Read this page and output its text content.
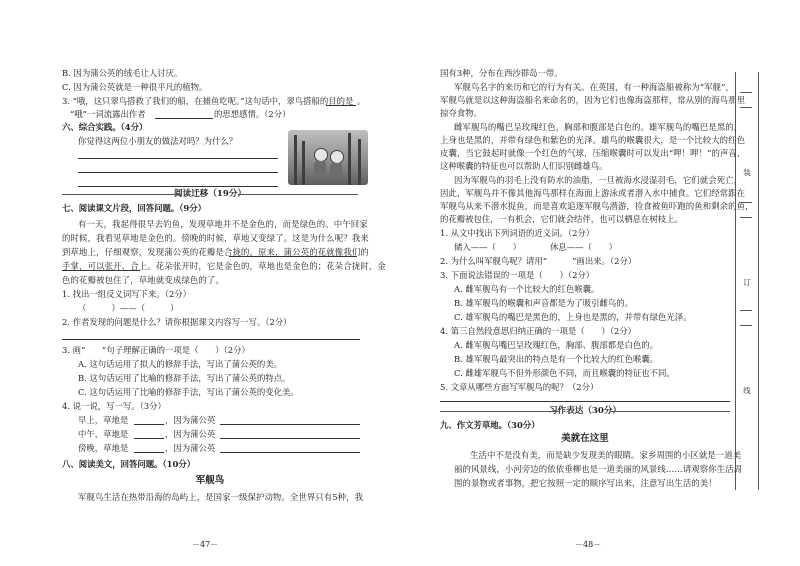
B. 因为蒲公英的绒毛让人讨厌。

C. 因为蒲公英就是一种很平凡的植物。

3. “哦，这只翠鸟搭救了我们的船，在捕鱼吃呢。”这句话中，翠鸟搭船的目的是 。

“哦”一词流露出作者	的思想感情。（2分）

六、综合实践。（4分）

你觉得这两位小朋友的做法对吗？为什么？

阅读迁移（19分）

七、阅读课文片段，回答问题。（9分）

有一天，我起得很早去钓鱼，发现草地并不是金色的，而是绿色的。中午回家

的时候，我看见草地是金色的。傍晚的时候，草地又变绿了。这是为什么呢？我来

到草地上，仔细观察，发现蒲公英的花瓣是合拢的。原来，蒲公英的花就像我们的

手掌，可以张开、合上。花朵张开时，它是金色的，草地也是金色的；花朵合拢时，金

色的花瓣被包住了，草地就变成绿色的了。

1. 找出一组反义词写下来。（2分）

（　　　）——（　　　）

2. 作者发现的问题是什么？请你根据课文内容写一写。（2分）

3. 画“　　”句子理解正确的一项是（　　）（2分）

A. 这句话运用了拟人的修辞手法，写出了蒲公英的美。

B. 这句话运用了比喻的修辞手法，写出了蒲公英的特点。

C. 这句话运用了比喻的修辞手法，写出了蒲公英的变化美。

4. 说一说，写一写。（3分）

早上，草地是	，因为蒲公英

中午，草地是	，因为蒲公英

傍晚，草地是	，因为蒲公英

八、阅读美文，回答问题。（10分）

军舰鸟

军舰鸟生活在热带沿海的岛屿上，是国家一级保护动物。全世界只有5种，我

－47－

国有3种，分布在西沙群岛一带。

军舰鸟名字的来历和它的行为有关。在英国，有一种海盗船被称为“军舰”，

军舰鸟就是以这种海盗船名来命名的，因为它们也像海盗那样，常从别的海鸟那里

掠夺食物。

雌军舰鸟的嘴巴呈玫瑰红色，胸部和腹部是白色的。雄军舰鸟的嘴巴是黑的，

上身也是黑的，并带有绿色和紫色的光泽。雄鸟的喉囊很大，是一个比较大的红色

皮囊，当它鼓起时就像一个红色的气球，压缩喉囊时可以发出“呷！呷！”的声音，

这种喉囊的特征也可以帮助人们识别雌雄鸟。

因为军舰鸟的羽毛上没有防水的油脂，一旦被海水浸湿羽毛，它们就会死亡，

因此，军舰鸟并不像其他海鸟那样在海面上游泳或者潜入水中捕食。它们经常跟在

军舰鸟从来不潜水捉鱼，而是喜欢追逐军舰鸟潜游，捡食被鱼吓跑的鱼和剩余的鱼，

的花瓣被包住，一有机会，它们就会结伴，也可以栖息在树枝上。

1. 从文中找出下列词语的近义词。（2分）

储入——（　　）	休息——（　　）

2. 为什么叫军舰鸟呢？请用“　　　”画出来。（2分）

3. 下面说法错误的一项是（　　）（2分）

A. 雌军舰鸟有一个比较大的红色喉囊。

B. 雄军舰鸟的喉囊和声音都是为了吸引雌鸟的。

C. 雄军舰鸟的嘴巴是黑色的，上身也是黑的，并带有绿色光泽。

4. 第三自然段意思归纳正确的一项是（　　）（2分）

A. 雌军舰鸟嘴巴呈玫瑰红色，胸部、腹部都是白色的。

B. 雄军舰鸟最突出的特点是有一个比较大的红色喉囊。

C. 雌雄军舰鸟不但外形颜色不同，而且喉囊的特征也不同。

5. 文章从哪些方面写军舰鸟的呢？（2分）

习作表达（30分）

九、作文芳草地。（30分）

美就在这里

生活中不是没有美，而是缺少发现美的眼睛。家乡周围的小区就是一道美

丽的风景线，小河旁边的依依垂柳也是一道美丽的风景线……请观察你生活周

围的景物或者事物，把它按照一定的顺序写出来，注意写出生活的美！

－48－

装
订
线
